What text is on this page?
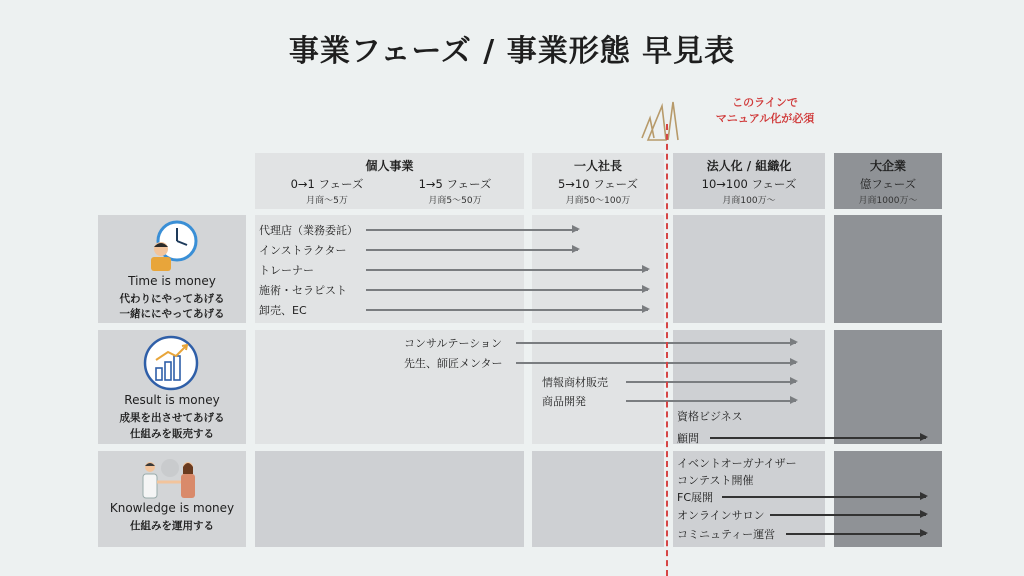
事業フェーズ / 事業形態 早見表
このラインで
マニュアル化が必須
個人事業
0→1 フェーズ
月商〜5万
1→5 フェーズ
月商5〜50万
一人社長
5→10 フェーズ
月商50〜100万
法人化 / 組織化
10→100 フェーズ
月商100万〜
大企業
億フェーズ
月商1000万〜
Time is money
代わりにやってあげる
一緒ににやってあげる
Result is money
成果を出させてあげる
仕組みを販売する
Knowledge is money
仕組みを運用する
代理店（業務委託）
インストラクター
トレーナー
施術・セラピスト
卸売、EC
コンサルテーション
先生、師匠メンター
情報商材販売
商品開発
資格ビジネス
顧問
イベントオーガナイザー
コンテスト開催
FC展開
オンラインサロン
コミニュティー運営
